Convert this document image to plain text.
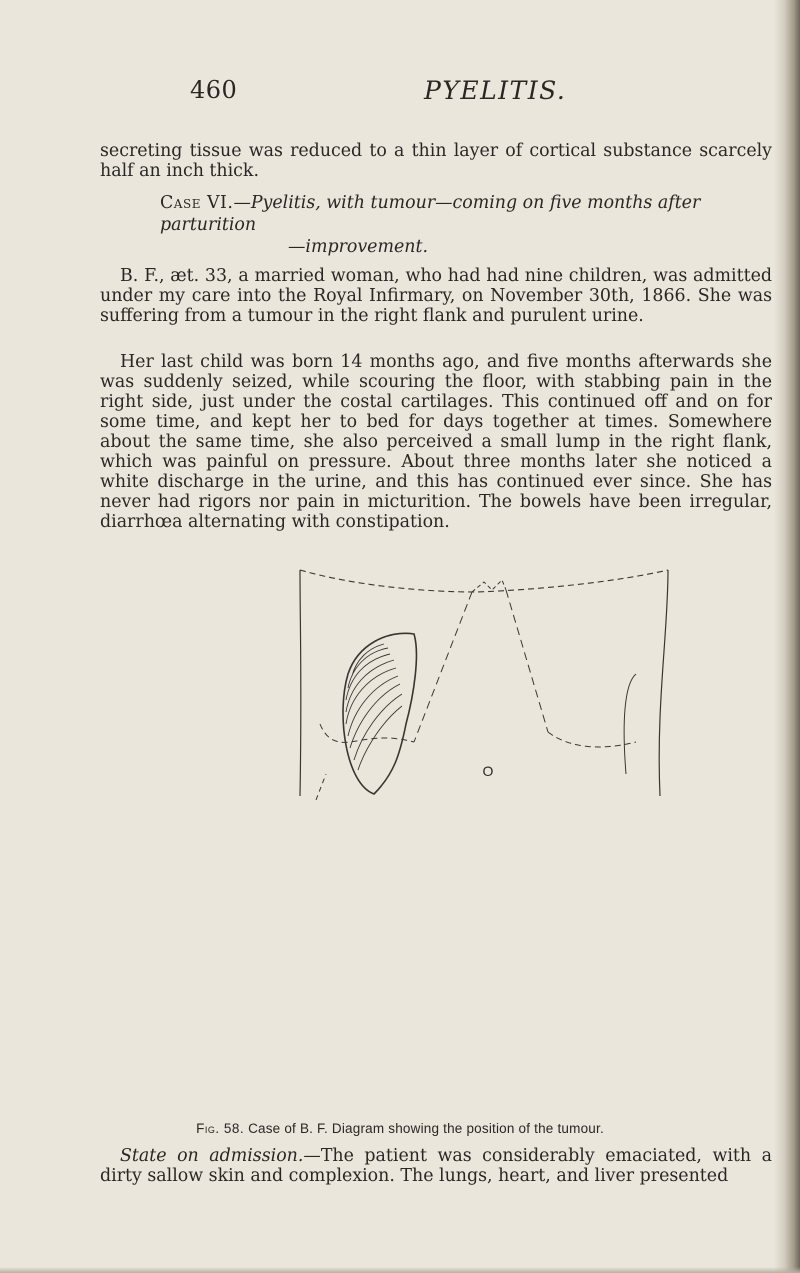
460	PYELITIS.

secreting tissue was reduced to a thin layer of cortical substance scarcely half an inch thick.

Case VI.—Pyelitis, with tumour—coming on five months after parturition
—improvement.

B. F., æt. 33, a married woman, who had had nine children, was admitted under my care into the Royal Infirmary, on November 30th, 1866. She was suffering from a tumour in the right flank and purulent urine.

Her last child was born 14 months ago, and five months afterwards she was suddenly seized, while scouring the floor, with stabbing pain in the right side, just under the costal cartilages. This continued off and on for some time, and kept her to bed for days together at times. Somewhere about the same time, she also perceived a small lump in the right flank, which was painful on pressure. About three months later she noticed a white discharge in the urine, and this has continued ever since. She has never had rigors nor pain in micturition. The bowels have been irregular, diarrhœa alternating with constipation.

O
Fig. 58. Case of B. F. Diagram showing the position of the tumour.

State on admission.—The patient was considerably emaciated, with a dirty sallow skin and complexion. The lungs, heart, and liver presented
